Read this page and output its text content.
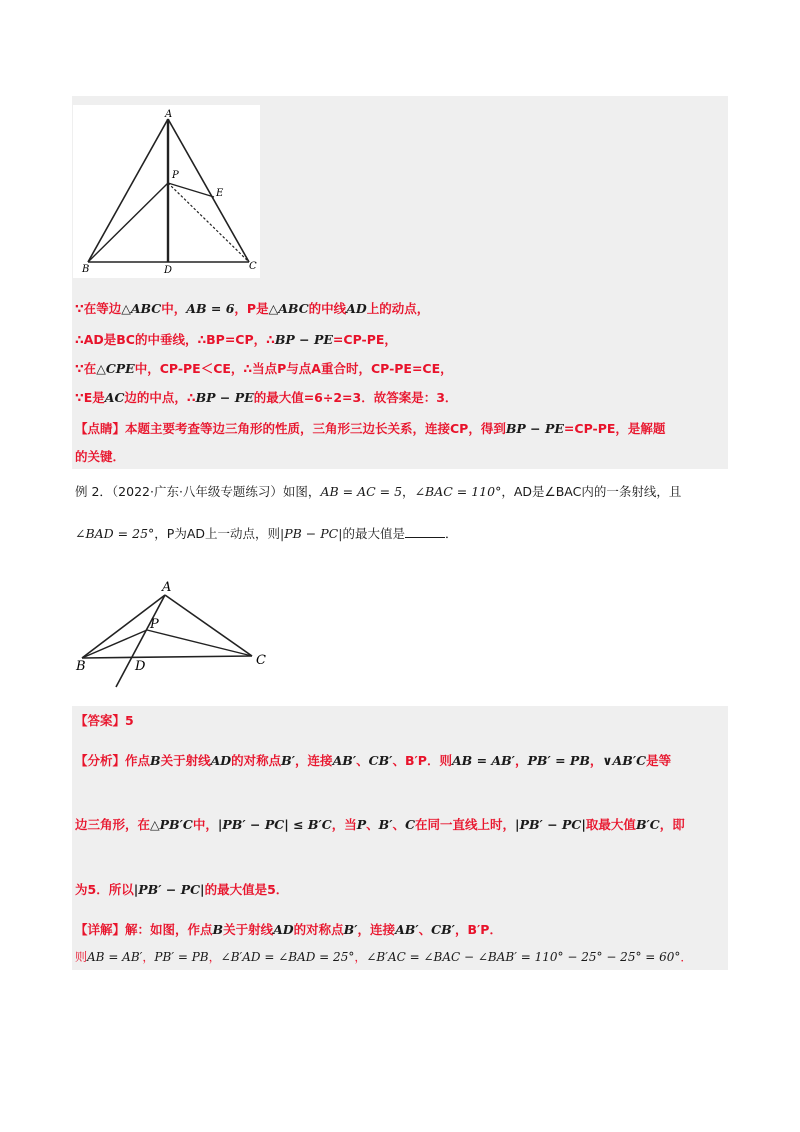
A
P
E
B	D	C
∵在等边△ABC中，AB = 6，P是△ABC的中线AD上的动点，
∴AD是BC的中垂线，∴BP=CP，∴BP − PE=CP-PE，
∵在△CPE中，CP-PE＜CE，∴当点P与点A重合时，CP-PE=CE，
∵E是AC边的中点，∴BP − PE的最大值=6÷2=3．故答案是：3．
【点睛】本题主要考查等边三角形的性质，三角形三边长关系，连接CP，得到BP − PE=CP-PE，是解题
的关键．
例 2．（2022·广东·八年级专题练习）如图，AB = AC = 5，∠BAC = 110°，AD是∠BAC内的一条射线，且
∠BAD = 25°，P为AD上一动点，则|PB − PC|的最大值是	．
A
P
B	D	C
【答案】5
【分析】作点B关于射线AD的对称点B′，连接AB′、CB′、B′P．则AB = AB′，PB′ = PB，∨AB′C是等
边三角形，在△PB′C中，|PB′ − PC| ≤ B′C，当P、B′、C在同一直线上时，|PB′ − PC|取最大值B′C，即
为5．所以|PB′ − PC|的最大值是5．
【详解】解：如图，作点B关于射线AD的对称点B′，连接AB′、CB′，B′P．
则AB = AB′，PB′ = PB，∠B′AD = ∠BAD = 25°，∠B′AC = ∠BAC − ∠BAB′ = 110° − 25° − 25° = 60°．
